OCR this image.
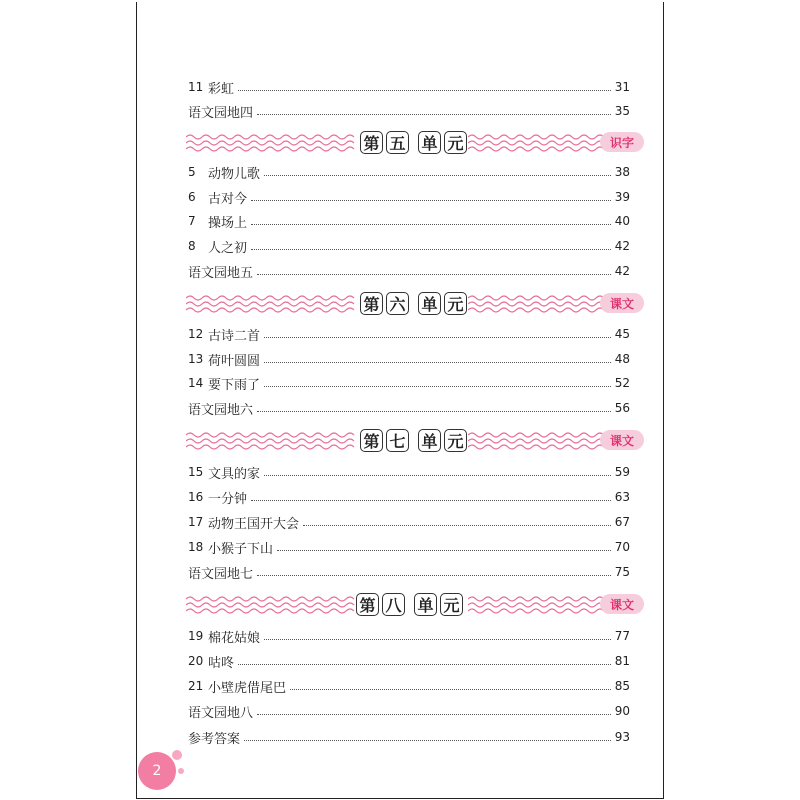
11 彩虹	31
语文园地四	35
第 五 单 元	识字
5 动物儿歌	38
6 古对今	39
7 操场上	40
8 人之初	42
语文园地五	42
第 六 单 元	课文
12 古诗二首	45
13 荷叶圆圆	48
14 要下雨了	52
语文园地六	56
第 七 单 元	课文
15 文具的家	59
16 一分钟	63
17 动物王国开大会	67
18 小猴子下山	70
语文园地七	75
第 八 单 元	课文
19 棉花姑娘	77
20 咕咚	81
21 小壁虎借尾巴	85
语文园地八	90
参考答案	93
2
